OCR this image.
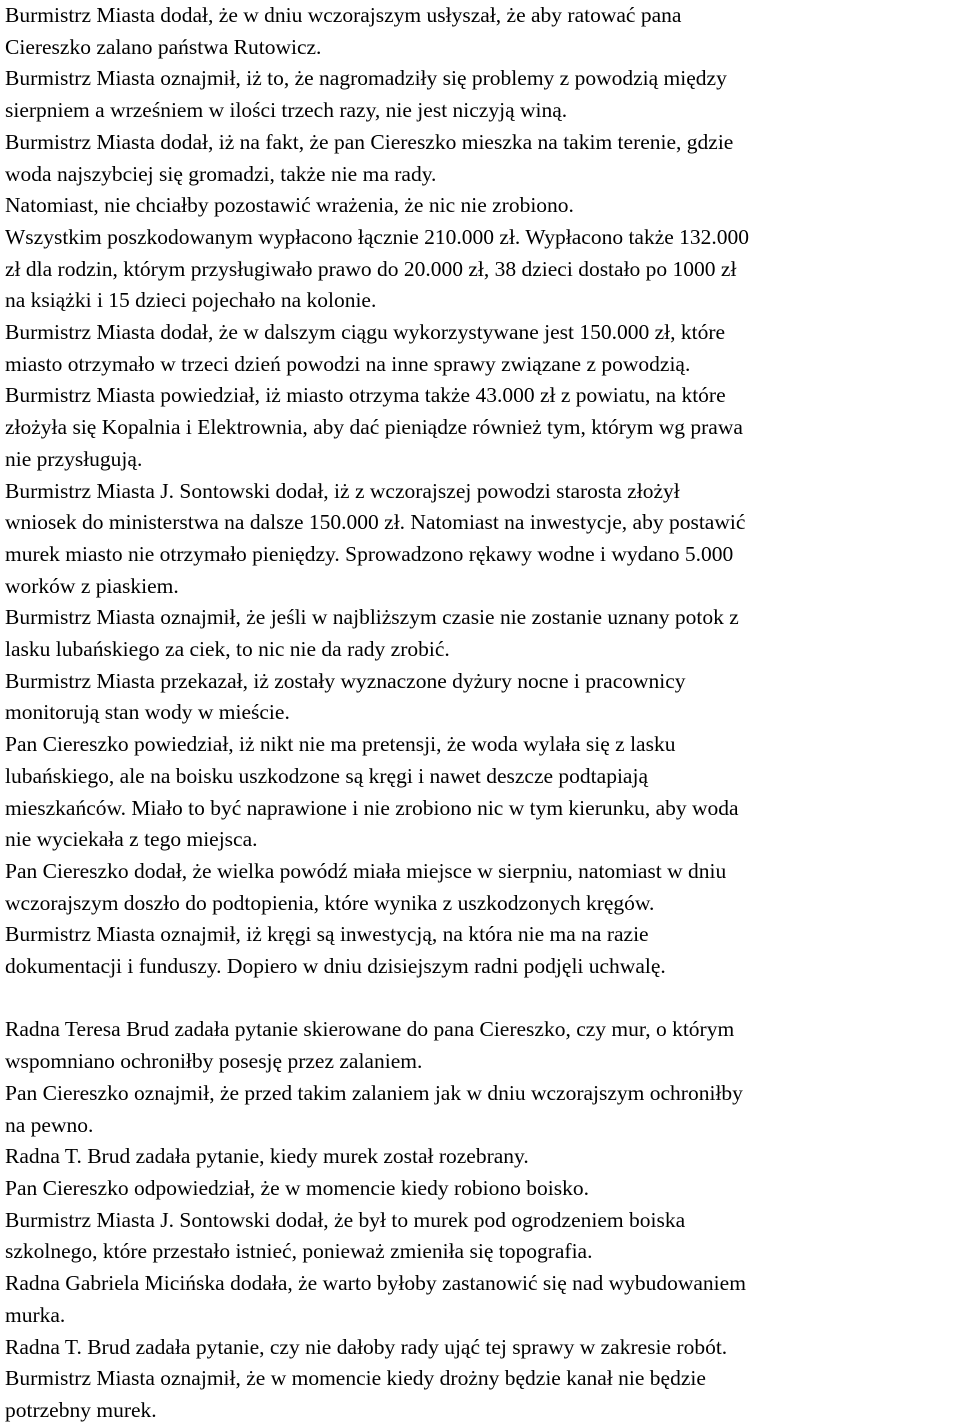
Burmistrz Miasta dodał, że w dniu wczorajszym usłyszał, że aby ratować pana

Ciereszko zalano państwa Rutowicz.

Burmistrz Miasta oznajmił, iż to, że nagromadziły się problemy z powodzią między

sierpniem a wrześniem w ilości trzech razy, nie jest niczyją winą.

Burmistrz Miasta dodał, iż na fakt, że pan Ciereszko mieszka na takim terenie, gdzie

woda najszybciej się gromadzi, także nie ma rady.

Natomiast, nie chciałby pozostawić wrażenia, że nic nie zrobiono.

Wszystkim poszkodowanym wypłacono łącznie 210.000 zł. Wypłacono także 132.000

zł dla rodzin, którym przysługiwało prawo do 20.000 zł, 38 dzieci dostało po 1000 zł

na książki i 15 dzieci pojechało na kolonie.

Burmistrz Miasta dodał, że w dalszym ciągu wykorzystywane jest 150.000 zł, które

miasto otrzymało w trzeci dzień powodzi na inne sprawy związane z powodzią.

Burmistrz Miasta powiedział, iż miasto otrzyma także 43.000 zł z powiatu, na które

złożyła się Kopalnia i Elektrownia, aby dać pieniądze również tym, którym wg prawa

nie przysługują.

Burmistrz Miasta J. Sontowski dodał, iż z wczorajszej powodzi starosta złożył

wniosek do ministerstwa na dalsze 150.000 zł. Natomiast na inwestycje, aby postawić

murek miasto nie otrzymało pieniędzy. Sprowadzono rękawy wodne i wydano 5.000

worków z piaskiem.

Burmistrz Miasta oznajmił, że jeśli w najbliższym czasie nie zostanie uznany potok z

lasku lubańskiego za ciek, to nic nie da rady zrobić.

Burmistrz Miasta przekazał, iż zostały wyznaczone dyżury nocne i pracownicy

monitorują stan wody w mieście.

Pan Ciereszko powiedział, iż nikt nie ma pretensji, że woda wylała się z lasku

lubańskiego, ale na boisku uszkodzone są kręgi i nawet deszcze podtapiają

mieszkańców. Miało to być naprawione i nie zrobiono nic w tym kierunku, aby woda

nie wyciekała z tego miejsca.

Pan Ciereszko dodał, że wielka powódź miała miejsce w sierpniu, natomiast w dniu

wczorajszym doszło do podtopienia, które wynika z uszkodzonych kręgów.

Burmistrz Miasta oznajmił, iż kręgi są inwestycją, na która nie ma na razie

dokumentacji i funduszy. Dopiero w dniu dzisiejszym radni podjęli uchwalę.

Radna Teresa Brud zadała pytanie skierowane do pana Ciereszko, czy mur, o którym

wspomniano ochroniłby posesję przez zalaniem.

Pan Ciereszko oznajmił, że przed takim zalaniem jak w dniu wczorajszym ochroniłby

na pewno.

Radna T. Brud zadała pytanie, kiedy murek został rozebrany.

Pan Ciereszko odpowiedział, że w momencie kiedy robiono boisko.

Burmistrz Miasta J. Sontowski dodał, że był to murek pod ogrodzeniem boiska

szkolnego, które przestało istnieć, ponieważ zmieniła się topografia.

Radna Gabriela Micińska dodała, że warto byłoby zastanowić się nad wybudowaniem

murka.

Radna T. Brud zadała pytanie, czy nie dałoby rady ująć tej sprawy w zakresie robót.

Burmistrz Miasta oznajmił, że w momencie kiedy drożny będzie kanał nie będzie

potrzebny murek.
